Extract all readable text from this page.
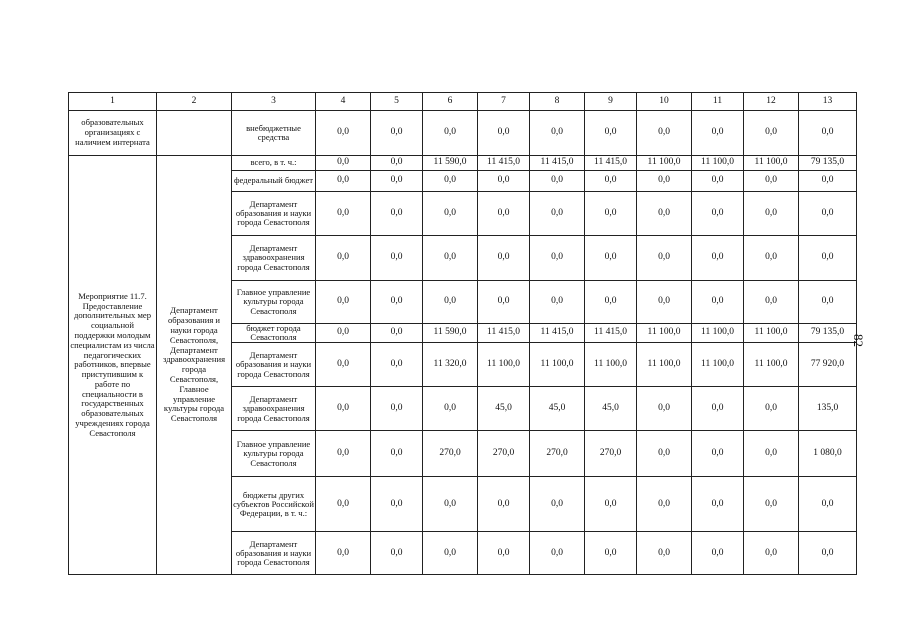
1	2	3	4	5	6	7	8	9	10	11	12	13
образовательных организациях с наличием интерната		внебюджетные средства	0,0	0,0	0,0	0,0	0,0	0,0	0,0	0,0	0,0	0,0
Мероприятие 11.7. Предоставление дополнительных мер социальной поддержки молодым специалистам из числа педагогических работников, впервые приступившим к работе по специальности в государственных образовательных учреждениях города Севастополя	Департамент образования и науки города Севастополя, Департамент здравоохранения города Севастополя, Главное управление культуры города Севастополя	всего, в т. ч.:	0,0	0,0	11 590,0	11 415,0	11 415,0	11 415,0	11 100,0	11 100,0	11 100,0	79 135,0
		федеральный бюджет	0,0	0,0	0,0	0,0	0,0	0,0	0,0	0,0	0,0	0,0
		Департамент образования и науки города Севастополя	0,0	0,0	0,0	0,0	0,0	0,0	0,0	0,0	0,0	0,0
		Департамент здравоохранения города Севастополя	0,0	0,0	0,0	0,0	0,0	0,0	0,0	0,0	0,0	0,0
		Главное управление культуры города Севастополя	0,0	0,0	0,0	0,0	0,0	0,0	0,0	0,0	0,0	0,0
		бюджет города Севастополя	0,0	0,0	11 590,0	11 415,0	11 415,0	11 415,0	11 100,0	11 100,0	11 100,0	79 135,0
		Департамент образования и науки города Севастополя	0,0	0,0	11 320,0	11 100,0	11 100,0	11 100,0	11 100,0	11 100,0	11 100,0	77 920,0
		Департамент здравоохранения города Севастополя	0,0	0,0	0,0	45,0	45,0	45,0	0,0	0,0	0,0	135,0
		Главное управление культуры города Севастополя	0,0	0,0	270,0	270,0	270,0	270,0	0,0	0,0	0,0	1 080,0
		бюджеты других субъектов Российской Федерации, в т. ч.:	0,0	0,0	0,0	0,0	0,0	0,0	0,0	0,0	0,0	0,0
		Департамент образования и науки города Севастополя	0,0	0,0	0,0	0,0	0,0	0,0	0,0	0,0	0,0	0,0
82
